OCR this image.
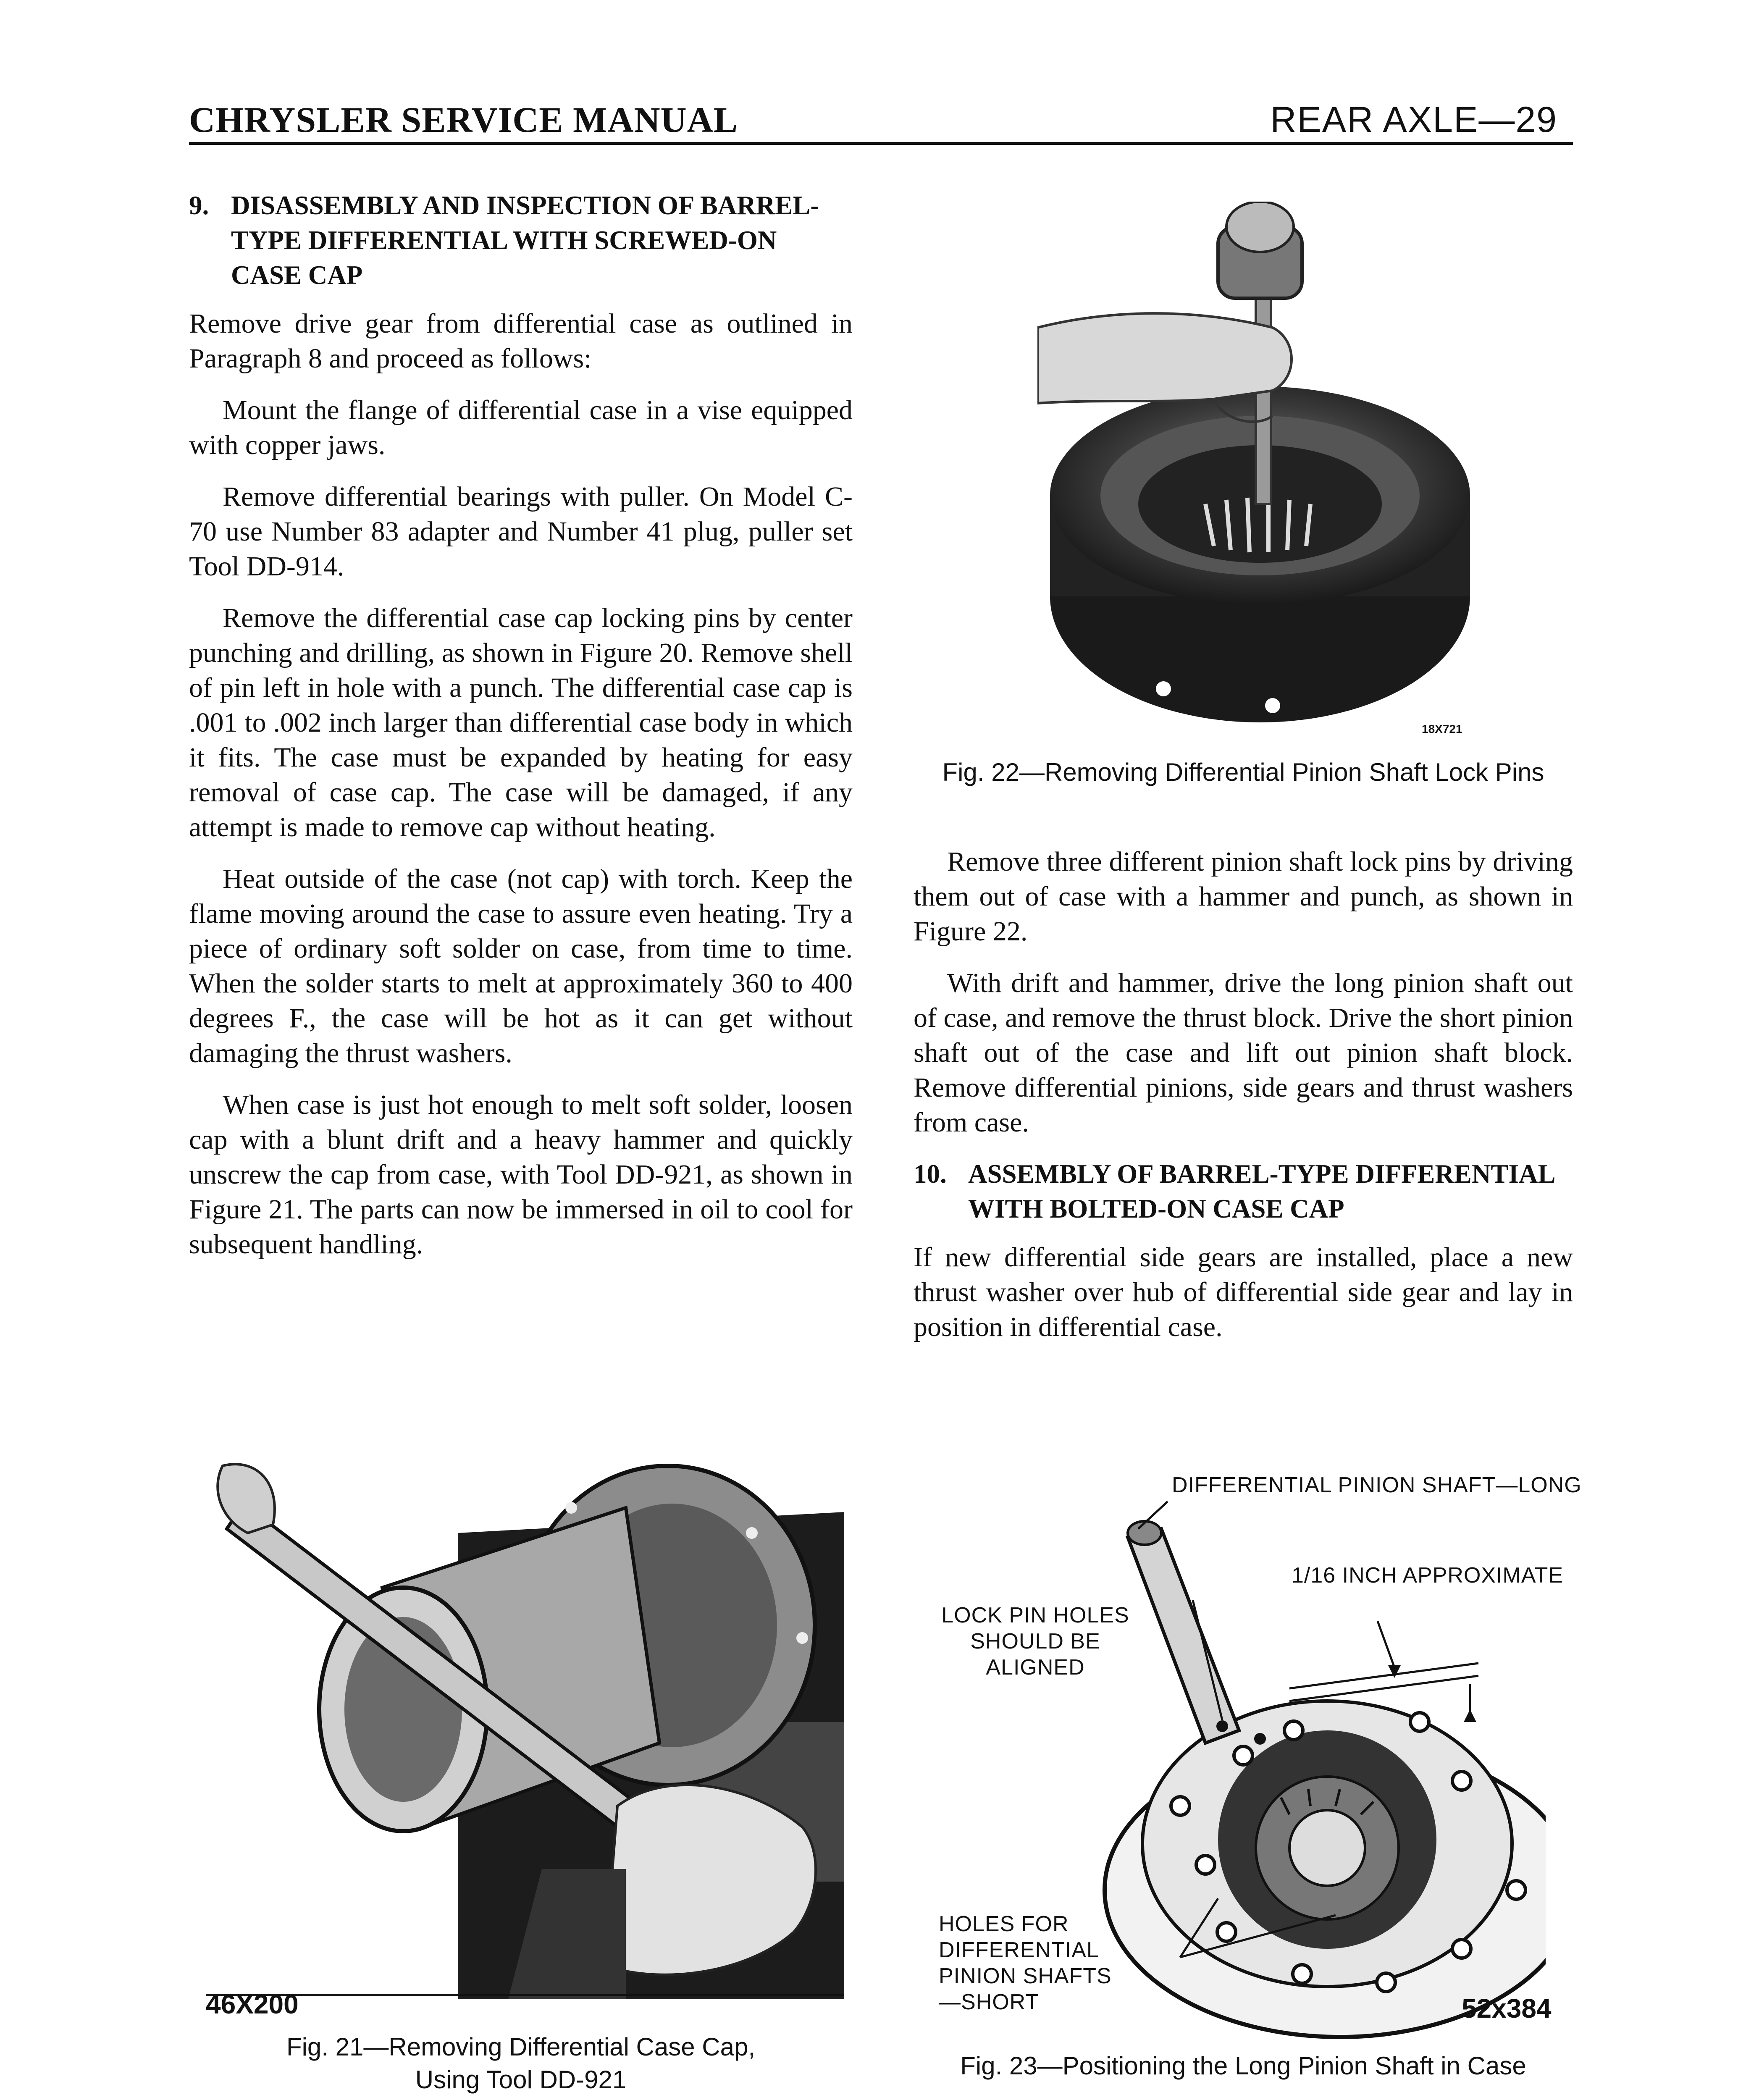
CHRYSLER SERVICE MANUAL	REAR AXLE—29
9. DISASSEMBLY AND INSPECTION OF BARREL-TYPE DIFFERENTIAL WITH SCREWED-ON CASE CAP

Remove drive gear from differential case as outlined in Paragraph 8 and proceed as follows:

Mount the flange of differential case in a vise equipped with copper jaws.

Remove differential bearings with puller. On Model C-70 use Number 83 adapter and Number 41 plug, puller set Tool DD-914.

Remove the differential case cap locking pins by center punching and drilling, as shown in Figure 20. Remove shell of pin left in hole with a punch. The differential case cap is .001 to .002 inch larger than differential case body in which it fits. The case must be expanded by heating for easy removal of case cap. The case will be damaged, if any attempt is made to remove cap without heating.

Heat outside of the case (not cap) with torch. Keep the flame moving around the case to assure even heating. Try a piece of ordinary soft solder on case, from time to time. When the solder starts to melt at approximately 360 to 400 degrees F., the case will be hot as it can get without damaging the thrust washers.

When case is just hot enough to melt soft solder, loosen cap with a blunt drift and a heavy hammer and quickly unscrew the cap from case, with Tool DD-921, as shown in Figure 21. The parts can now be immersed in oil to cool for subsequent handling.

18X721
Fig. 22—Removing Differential Pinion Shaft Lock Pins

Remove three different pinion shaft lock pins by driving them out of case with a hammer and punch, as shown in Figure 22.

With drift and hammer, drive the long pinion shaft out of case, and remove the thrust block. Drive the short pinion shaft out of the case and lift out pinion shaft block. Remove differential pinions, side gears and thrust washers from case.

10. ASSEMBLY OF BARREL-TYPE DIFFERENTIAL WITH BOLTED-ON CASE CAP

If new differential side gears are installed, place a new thrust washer over hub of differential side gear and lay in position in differential case.

46X200
Fig. 21—Removing Differential Case Cap,
Using Tool DD-921
DIFFERENTIAL PINION SHAFT—LONG
1/16 INCH APPROXIMATE
LOCK PIN HOLES
SHOULD BE
ALIGNED
HOLES FOR
DIFFERENTIAL
PINION SHAFTS
—SHORT	52x384
Fig. 23—Positioning the Long Pinion Shaft in Case
